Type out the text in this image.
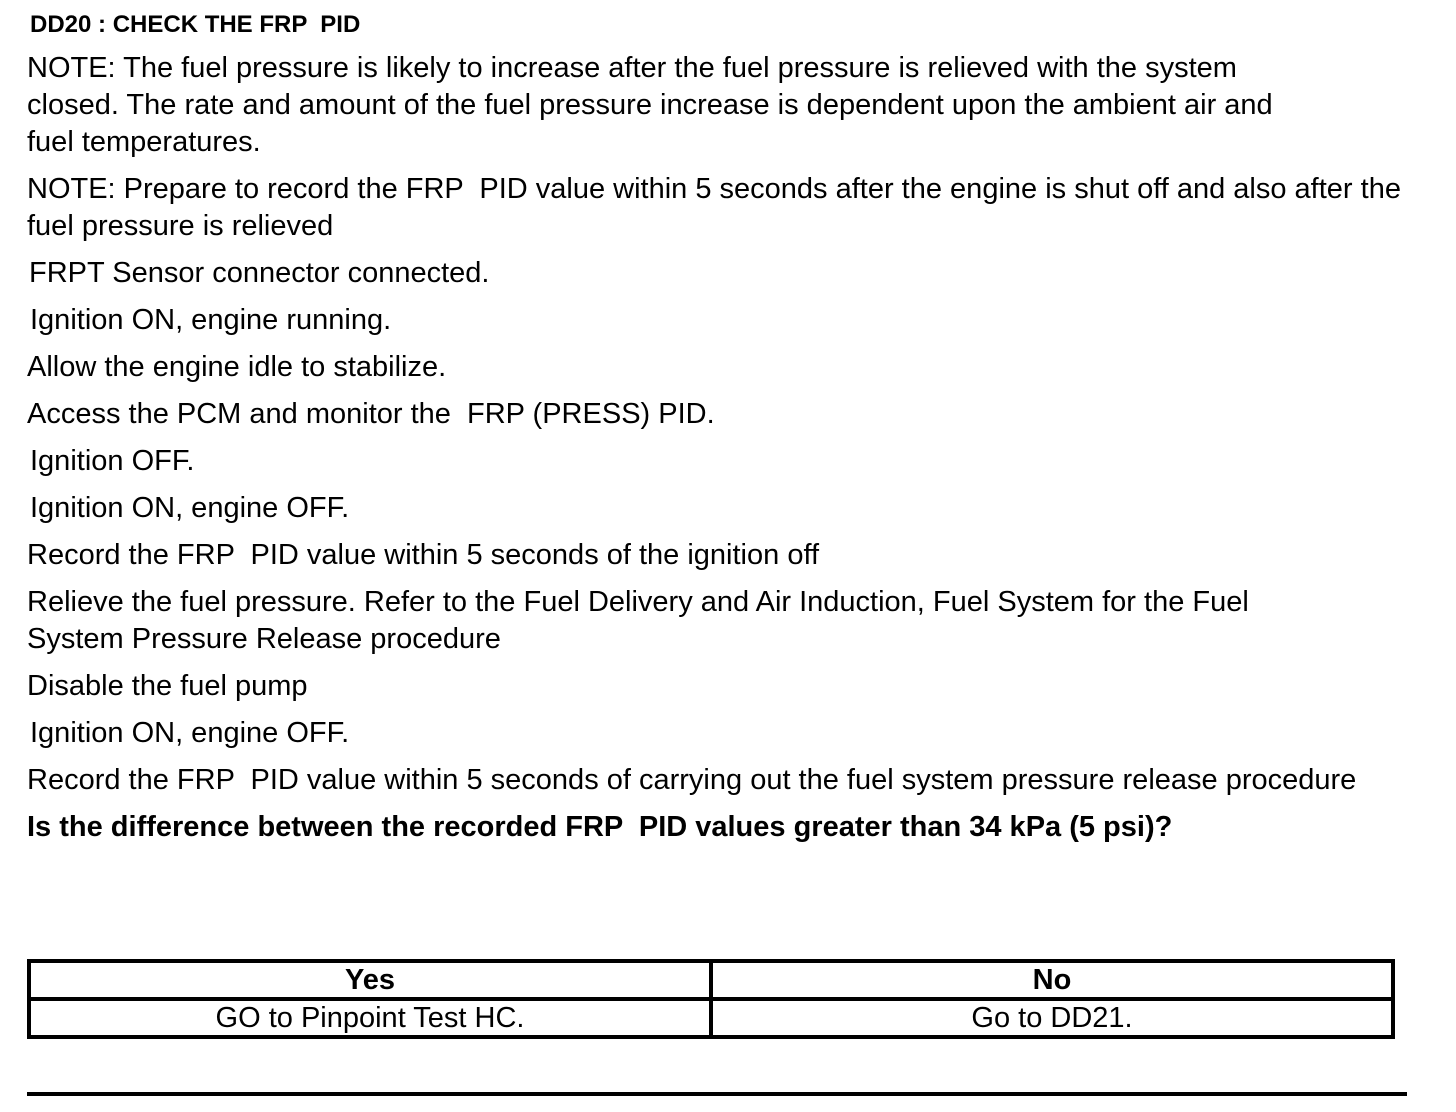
DD20 : CHECK THE FRP  PID
NOTE: The fuel pressure is likely to increase after the fuel pressure is relieved with the system closed. The rate and amount of the fuel pressure increase is dependent upon the ambient air and fuel temperatures.
NOTE: Prepare to record the FRP  PID value within 5 seconds after the engine is shut off and also after the fuel pressure is relieved
FRPT Sensor connector connected.
Ignition ON, engine running.
Allow the engine idle to stabilize.
Access the PCM and monitor the  FRP (PRESS) PID.
Ignition OFF.
Ignition ON, engine OFF.
Record the FRP  PID value within 5 seconds of the ignition off
Relieve the fuel pressure. Refer to the Fuel Delivery and Air Induction, Fuel System for the Fuel System Pressure Release procedure
Disable the fuel pump
Ignition ON, engine OFF.
Record the FRP  PID value within 5 seconds of carrying out the fuel system pressure release procedure
Is the difference between the recorded FRP  PID values greater than 34 kPa (5 psi)?
Yes	No
GO to Pinpoint Test HC.	Go to DD21.
